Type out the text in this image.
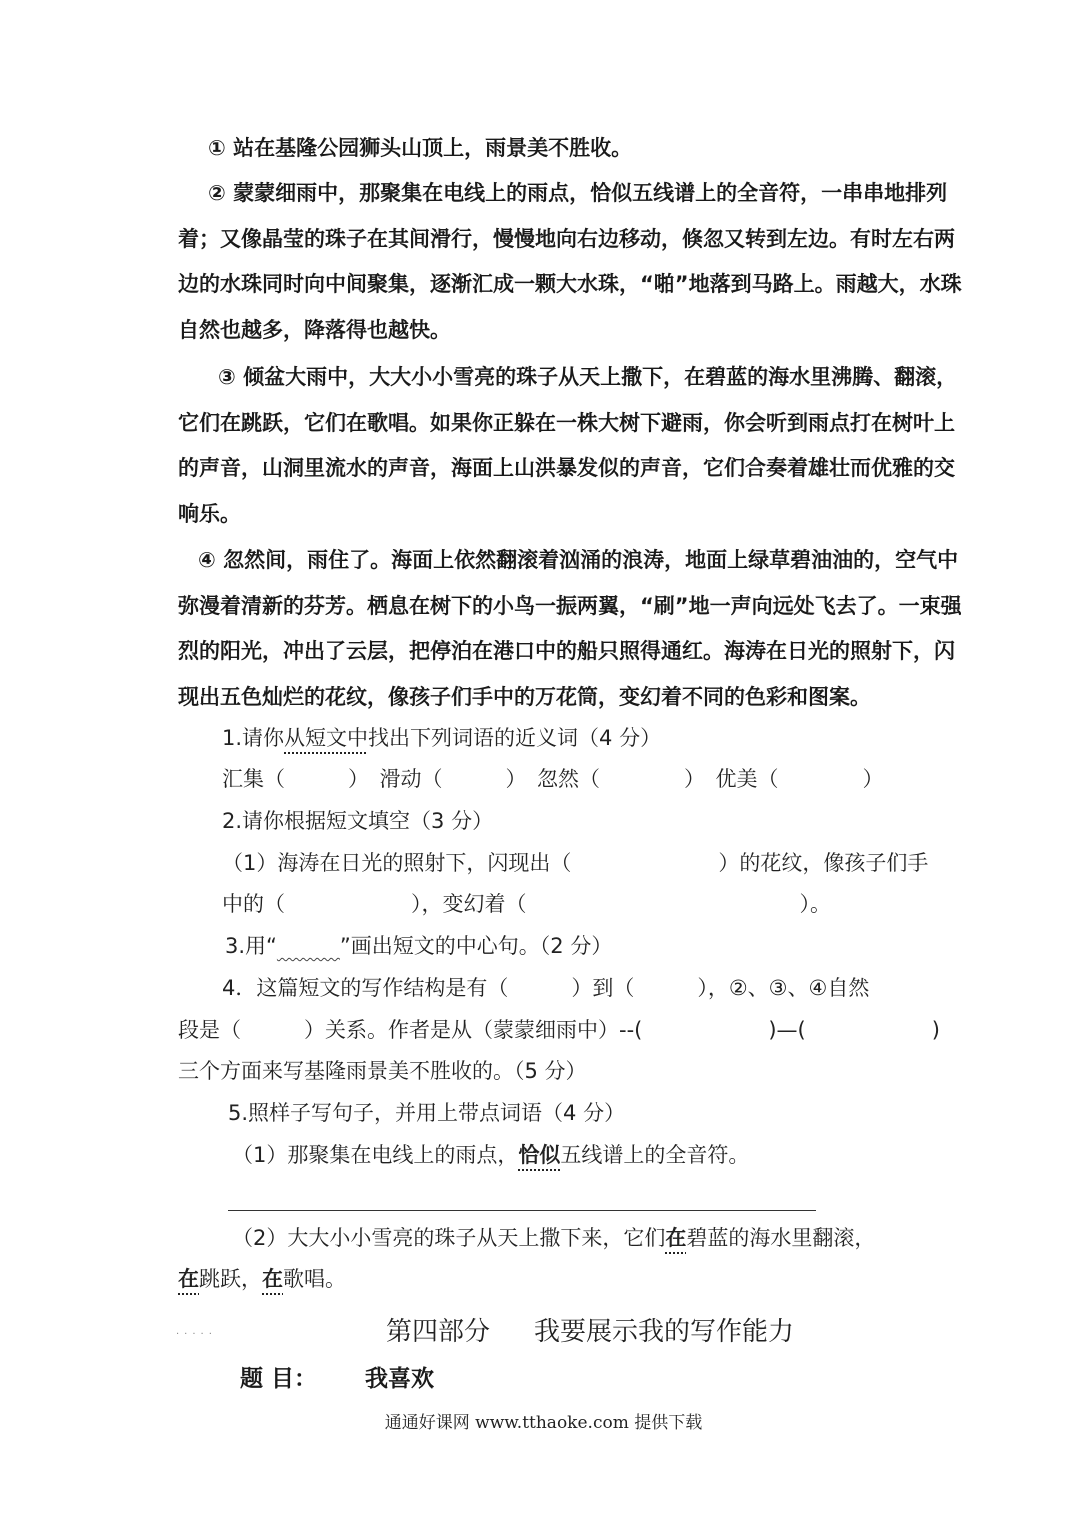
① 站在基隆公园狮头山顶上，雨景美不胜收。
② 蒙蒙细雨中，那聚集在电线上的雨点，恰似五线谱上的全音符，一串串地排列
着；又像晶莹的珠子在其间滑行，慢慢地向右边移动，倏忽又转到左边。有时左右两
边的水珠同时向中间聚集，逐渐汇成一颗大水珠，“啪”地落到马路上。雨越大，水珠
自然也越多，降落得也越快。
③ 倾盆大雨中，大大小小雪亮的珠子从天上撒下，在碧蓝的海水里沸腾、翻滚，
它们在跳跃，它们在歌唱。如果你正躲在一株大树下避雨，你会听到雨点打在树叶上
的声音，山洞里流水的声音，海面上山洪暴发似的声音，它们合奏着雄壮而优雅的交
响乐。
④ 忽然间，雨住了。海面上依然翻滚着汹涌的浪涛，地面上绿草碧油油的，空气中
弥漫着清新的芬芳。栖息在树下的小鸟一振两翼，“刷”地一声向远处飞去了。一束强
烈的阳光，冲出了云层，把停泊在港口中的船只照得通红。海涛在日光的照射下，闪
现出五色灿烂的花纹，像孩子们手中的万花筒，变幻着不同的色彩和图案。
1.请你从短文中找出下列词语的近义词（4 分）
汇集（　　　）　滑动（　　　）　忽然（　　　　）　优美（　　　　）
2.请你根据短文填空（3 分）
（1）海涛在日光的照射下，闪现出（　　　　　　　）的花纹，像孩子们手
中的（　　　　　　），变幻着（　　　　　　　　　　　　　）。
3.用“＿＿＿”画出短文的中心句。（2 分）
4．这篇短文的写作结构是有（　　　）到（　　　），②、③、④自然
段是（　　　）关系。作者是从（蒙蒙细雨中）--(　　　　　　)—(　　　　　　)
三个方面来写基隆雨景美不胜收的。（5 分）
5.照样子写句子，并用上带点词语（4 分）
（1）那聚集在电线上的雨点，恰似五线谱上的全音符。
（2）大大小小雪亮的珠子从天上撒下来，它们在碧蓝的海水里翻滚，
在跳跃，在歌唱。
.....	第四部分 我要展示我的写作能力
题 目： 我喜欢
通通好课网 www.tthaoke.com 提供下载
